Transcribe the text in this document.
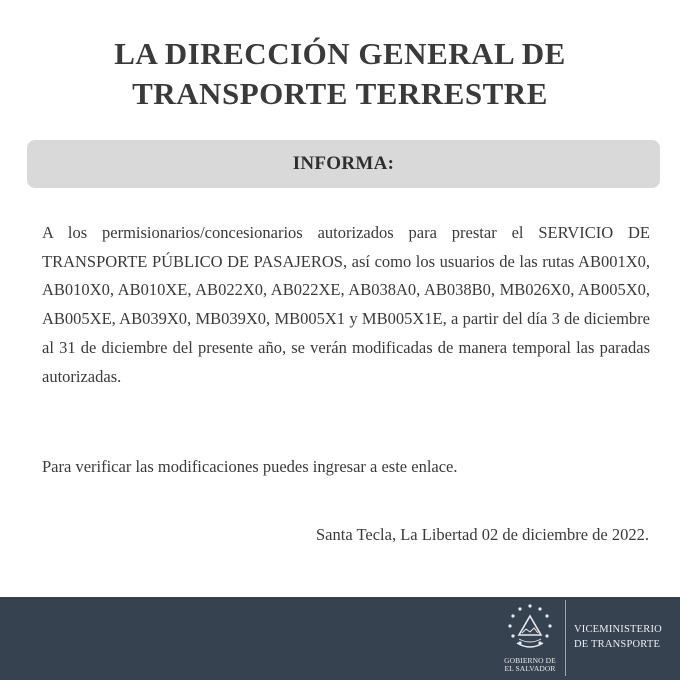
LA DIRECCIÓN GENERAL DE
TRANSPORTE TERRESTRE
INFORMA:

A los permisionarios/concesionarios autorizados para prestar el SERVICIO DE TRANSPORTE PÚBLICO DE PASAJEROS, así como los usuarios de las rutas AB001X0, AB010X0, AB010XE, AB022X0, AB022XE, AB038A0, AB038B0, MB026X0, AB005X0, AB005XE, AB039X0, MB039X0, MB005X1 y MB005X1E, a partir del día 3 de diciembre al 31 de diciembre del presente año, se verán modificadas de manera temporal las paradas autorizadas.

Para verificar las modificaciones puedes ingresar a este enlace.

Santa Tecla, La Libertad 02 de diciembre de 2022.

GOBIERNO DE
EL SALVADOR
VICEMINISTERIO
DE TRANSPORTE
